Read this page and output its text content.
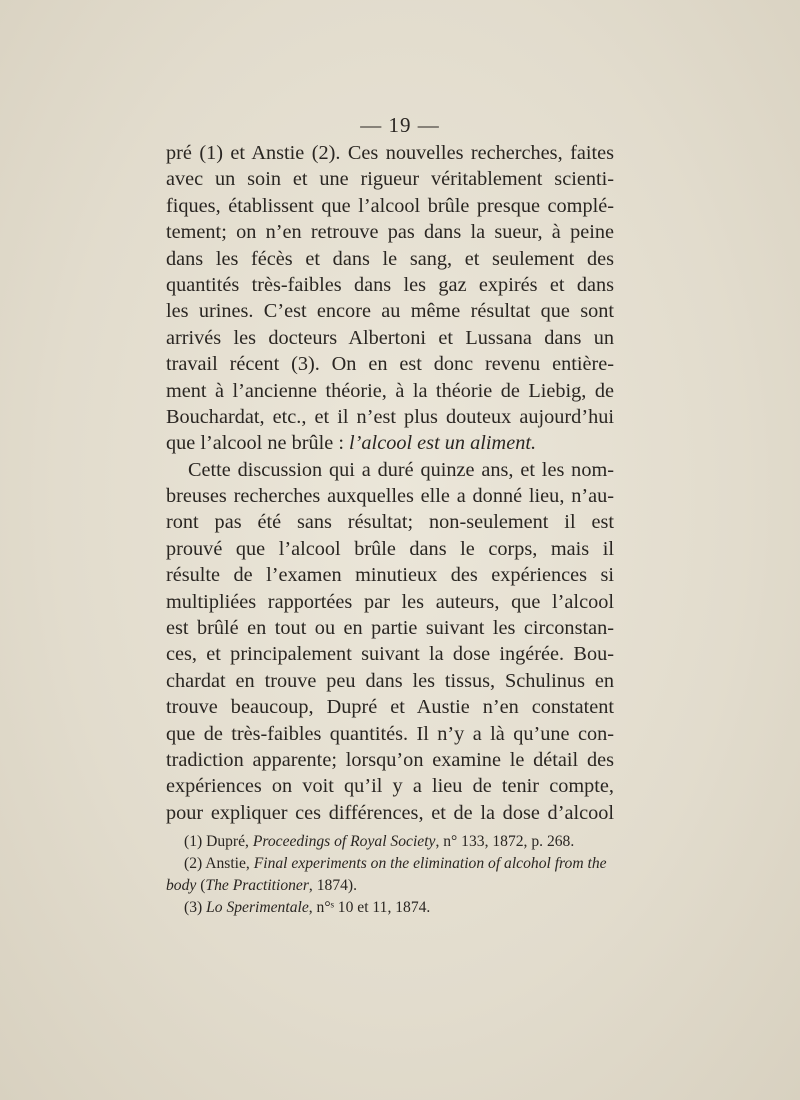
— 19 —
pré (1) et Anstie (2). Ces nouvelles recherches, faites
avec un soin et une rigueur véritablement scienti-
fiques, établissent que l’alcool brûle presque complé-
tement; on n’en retrouve pas dans la sueur, à peine
dans les fécès et dans le sang, et seulement des
quantités très-faibles dans les gaz expirés et dans
les urines. C’est encore au même résultat que sont
arrivés les docteurs Albertoni et Lussana dans un
travail récent (3). On en est donc revenu entière-
ment à l’ancienne théorie, à la théorie de Liebig, de
Bouchardat, etc., et il n’est plus douteux aujourd’hui
que l’alcool ne brûle : l’alcool est un aliment.
Cette discussion qui a duré quinze ans, et les nom-
breuses recherches auxquelles elle a donné lieu, n’au-
ront pas été sans résultat; non-seulement il est
prouvé que l’alcool brûle dans le corps, mais il
résulte de l’examen minutieux des expériences si
multipliées rapportées par les auteurs, que l’alcool
est brûlé en tout ou en partie suivant les circonstan-
ces, et principalement suivant la dose ingérée. Bou-
chardat en trouve peu dans les tissus, Schulinus en
trouve beaucoup, Dupré et Austie n’en constatent
que de très-faibles quantités. Il n’y a là qu’une con-
tradiction apparente; lorsqu’on examine le détail des
expériences on voit qu’il y a lieu de tenir compte,
pour expliquer ces différences, et de la dose d’alcool
(1) Dupré, Proceedings of Royal Society, n° 133, 1872, p. 268.
(2) Anstie, Final experiments on the elimination of alcohol from the
body (The Practitioner, 1874).
(3) Lo Sperimentale, n°ˢ 10 et 11, 1874.
